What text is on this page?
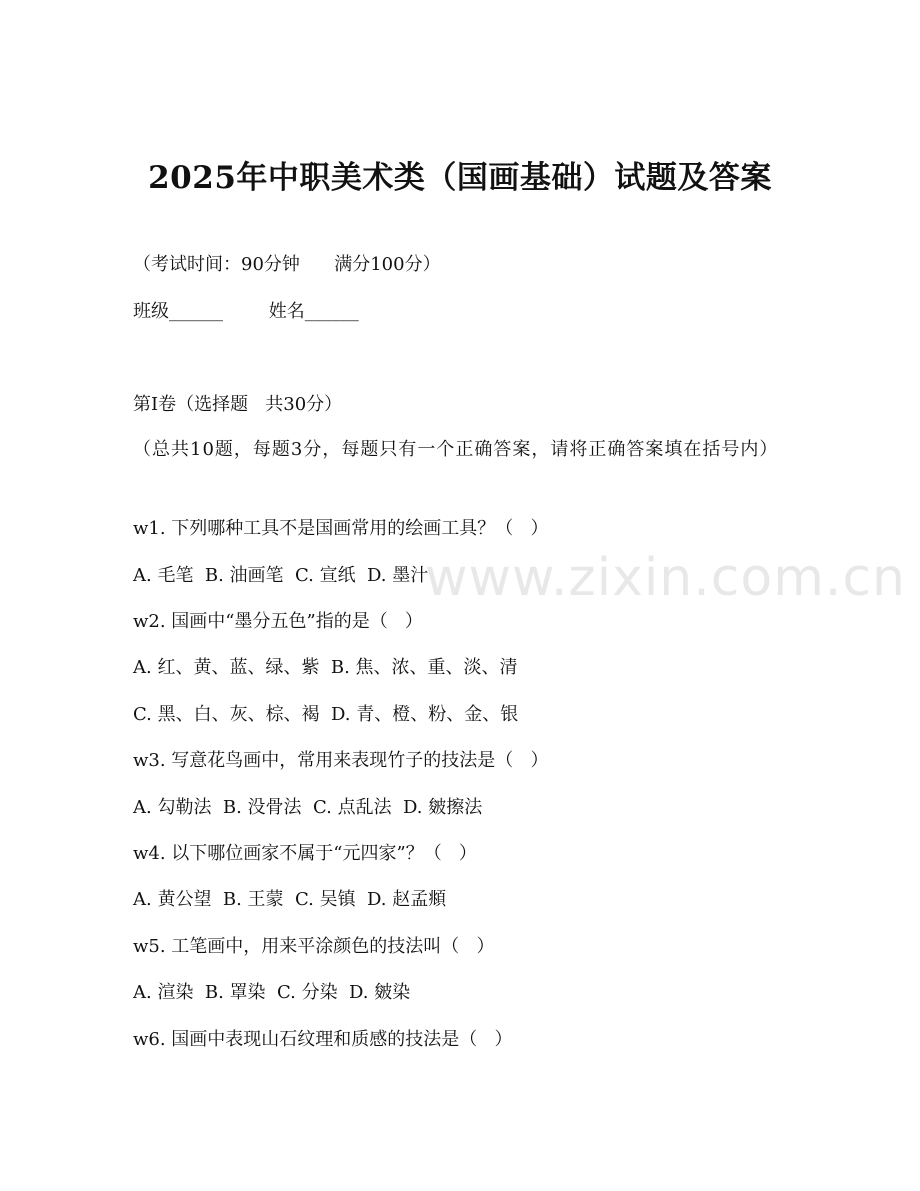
2025年中职美术类（国画基础）试题及答案
（考试时间：90分钟      满分100分）
班级______        姓名______
第I卷（选择题   共30分）
（总共10题，每题3分，每题只有一个正确答案，请将正确答案填在括号内）
w1. 下列哪种工具不是国画常用的绘画工具？（   ）
A. 毛笔  B. 油画笔  C. 宣纸  D. 墨汁
w2. 国画中“墨分五色”指的是（   ）
A. 红、黄、蓝、绿、紫  B. 焦、浓、重、淡、清
C. 黑、白、灰、棕、褐  D. 青、橙、粉、金、银
w3. 写意花鸟画中，常用来表现竹子的技法是（   ）
A. 勾勒法  B. 没骨法  C. 点乱法  D. 皴擦法
w4. 以下哪位画家不属于“元四家”？（   ）
A. 黄公望  B. 王蒙  C. 吴镇  D. 赵孟頫
w5. 工笔画中，用来平涂颜色的技法叫（   ）
A. 渲染  B. 罩染  C. 分染  D. 皴染
w6. 国画中表现山石纹理和质感的技法是（   ）
www.zixin.com.cn
